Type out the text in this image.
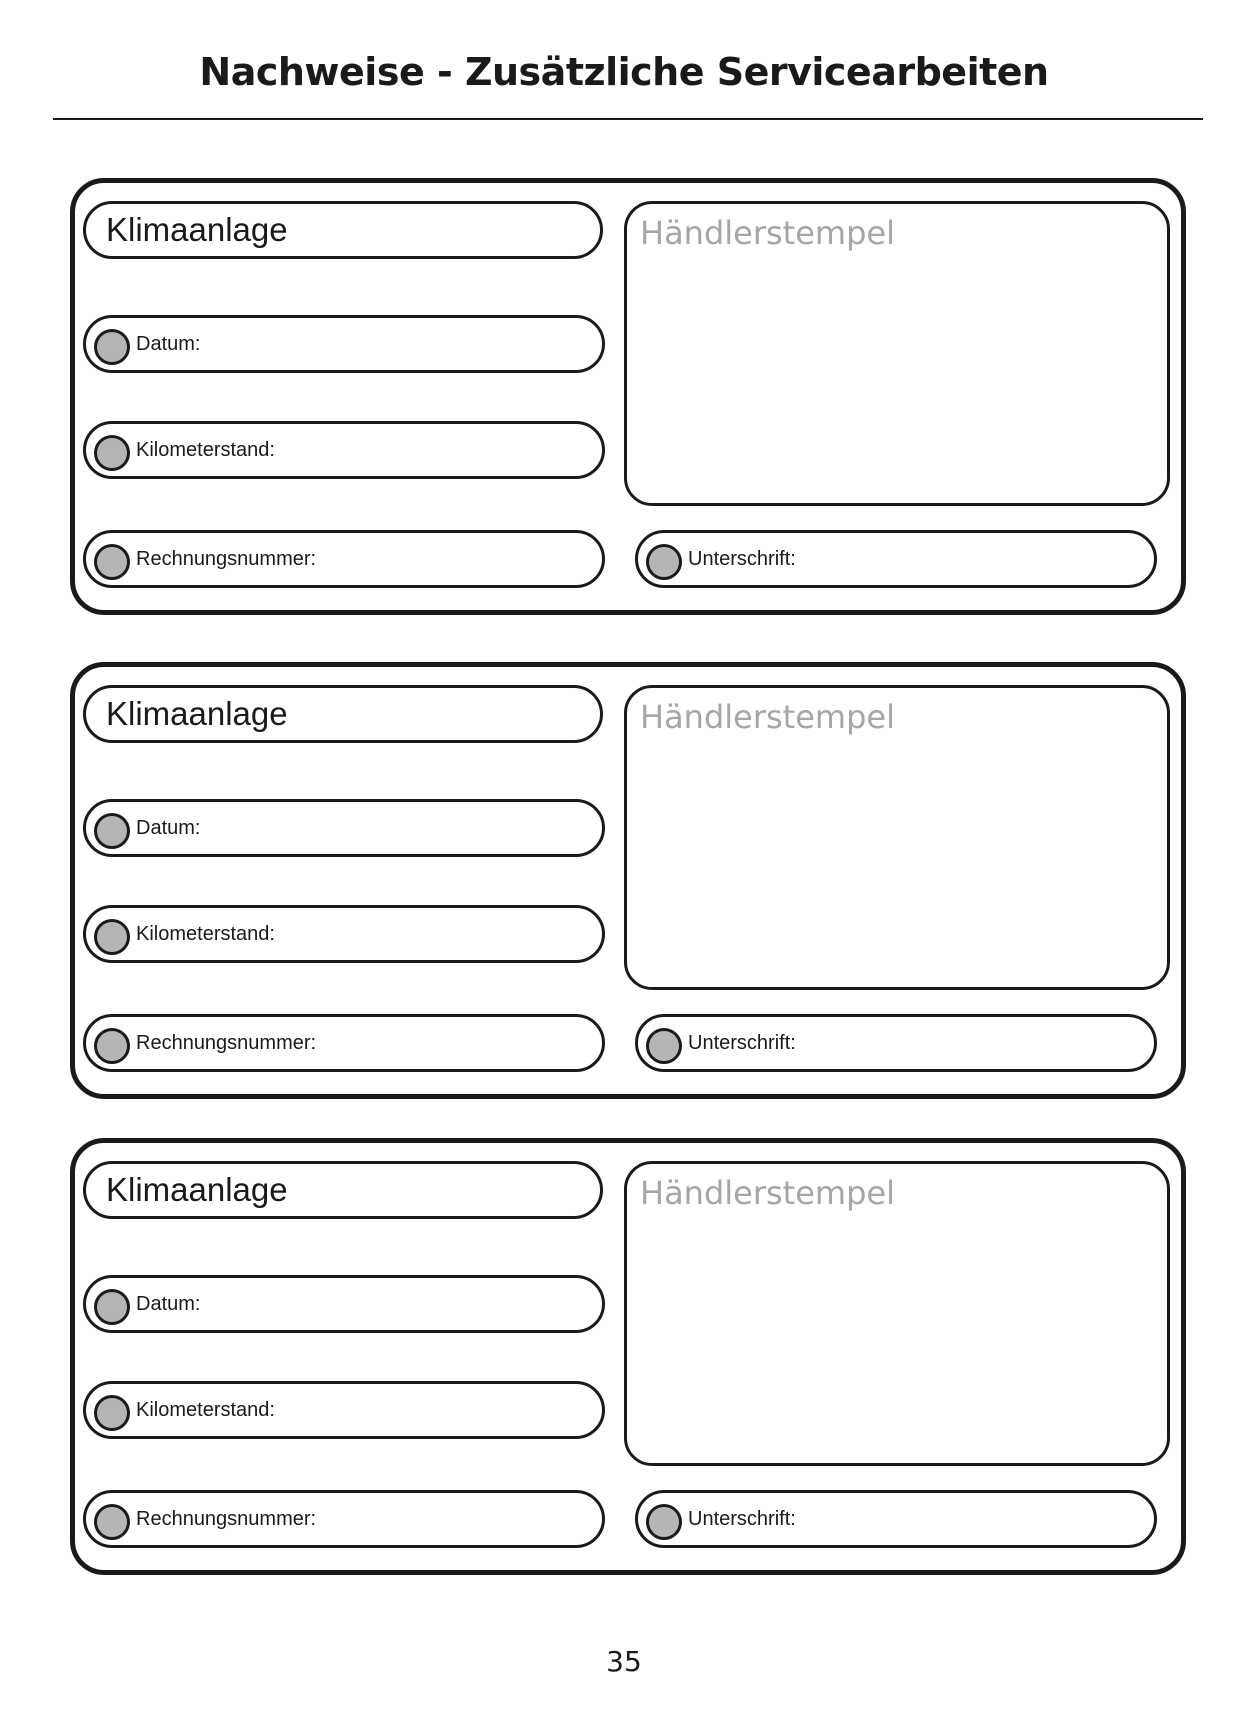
Nachweise - Zusätzliche Servicearbeiten
Klimaanlage
Datum:
Kilometerstand:
Rechnungsnummer:
Händlerstempel
Unterschrift:
Klimaanlage
Datum:
Kilometerstand:
Rechnungsnummer:
Händlerstempel
Unterschrift:
Klimaanlage
Datum:
Kilometerstand:
Rechnungsnummer:
Händlerstempel
Unterschrift:
35
